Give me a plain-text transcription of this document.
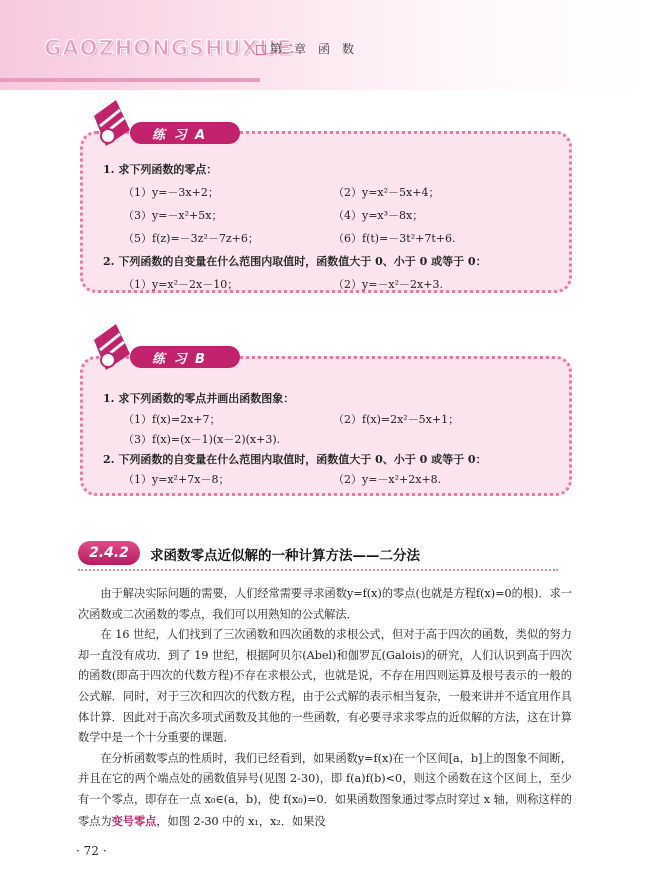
GAOZHONGSHUXUE
第二章　函　数
1. 求下列函数的零点：
（1）y=－3x+2；	（2）y=x²－5x+4；
（3）y=－x²+5x；	（4）y=x³－8x；
（5）f(z)=－3z²－7z+6；	（6）f(t)=－3t²+7t+6.
2. 下列函数的自变量在什么范围内取值时，函数值大于 0、小于 0 或等于 0：
（1）y=x²－2x－10；	（2）y=－x²－2x+3.
练 习 A
1. 求下列函数的零点并画出函数图象：
（1）f(x)=2x+7；	（2）f(x)=2x²－5x+1；
（3）f(x)=(x－1)(x－2)(x+3).
2. 下列函数的自变量在什么范围内取值时，函数值大于 0、小于 0 或等于 0：
（1）y=x²+7x－8；	（2）y=－x²+2x+8.
练 习 B
2.4.2	求函数零点近似解的一种计算方法——二分法

由于解决实际问题的需要，人们经常需要寻求函数y=f(x)的零点(也就是方程f(x)=0的根)．求一次函数或二次函数的零点，我们可以用熟知的公式解法．

在 16 世纪，人们找到了三次函数和四次函数的求根公式，但对于高于四次的函数，类似的努力却一直没有成功．到了 19 世纪，根据阿贝尔(Abel)和伽罗瓦(Galois)的研究，人们认识到高于四次的函数(即高于四次的代数方程)不存在求根公式，也就是说，不存在用四则运算及根号表示的一般的公式解．同时，对于三次和四次的代数方程，由于公式解的表示相当复杂，一般来讲并不适宜用作具体计算．因此对于高次多项式函数及其他的一些函数，有必要寻求求零点的近似解的方法，这在计算数学中是一个十分重要的课题．

在分析函数零点的性质时，我们已经看到，如果函数y=f(x)在一个区间[a，b]上的图象不间断，并且在它的两个端点处的函数值异号(见图 2-30)，即 f(a)f(b)<0，则这个函数在这个区间上，至少有一个零点，即存在一点 x₀∈(a，b)，使 f(x₀)=0．如果函数图象通过零点时穿过 x 轴，则称这样的零点为变号零点，如图 2-30 中的 x₁，x₂．如果没

· 72 ·
